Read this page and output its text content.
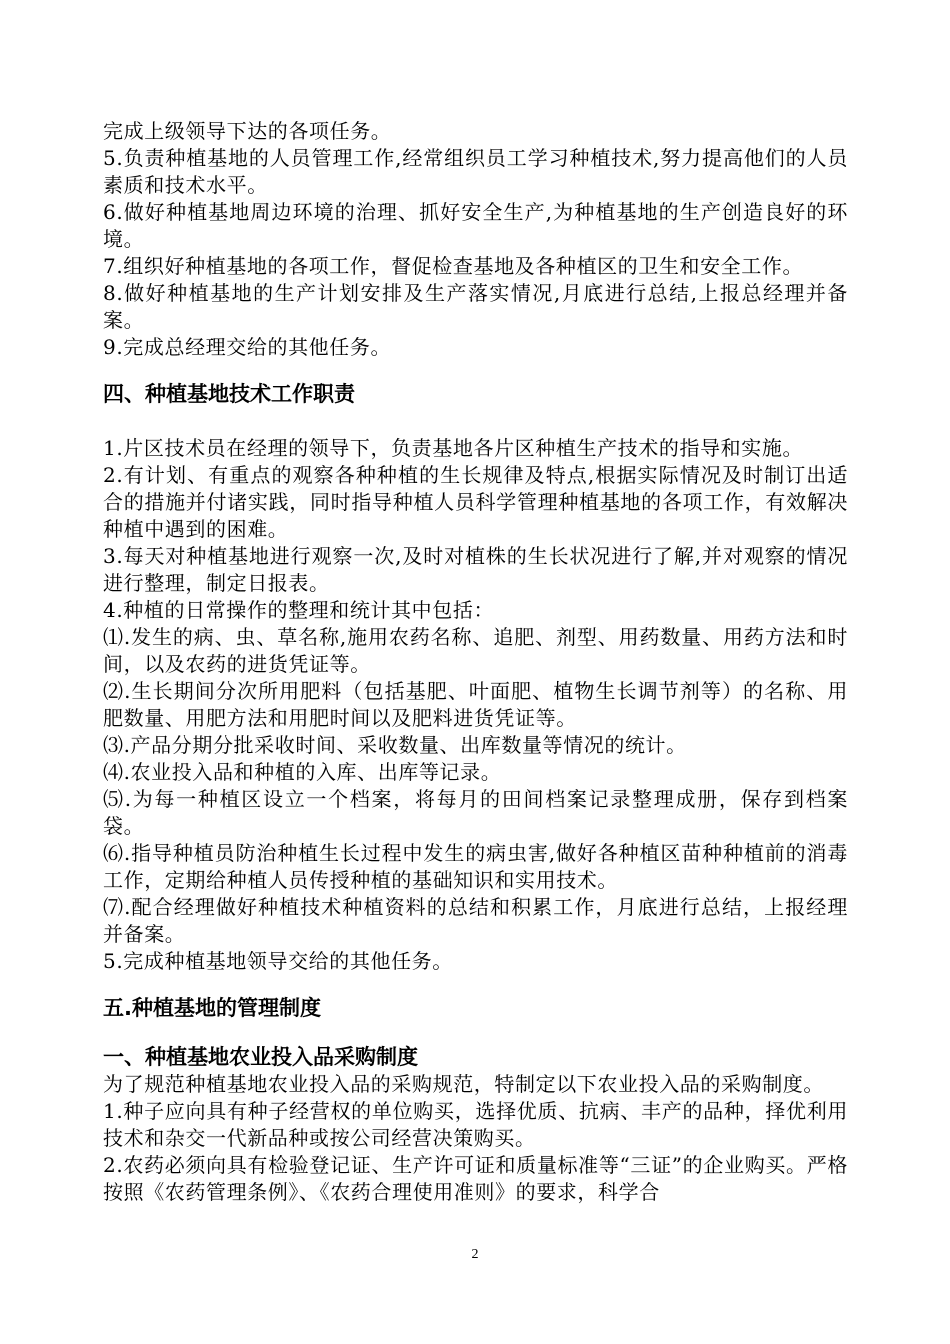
完成上级领导下达的各项任务。

5.负责种植基地的人员管理工作,经常组织员工学习种植技术,努力提高他们的人员素质和技术水平。

6.做好种植基地周边环境的治理、抓好安全生产,为种植基地的生产创造良好的环境。

7.组织好种植基地的各项工作，督促检查基地及各种植区的卫生和安全工作。

8.做好种植基地的生产计划安排及生产落实情况,月底进行总结,上报总经理并备案。

9.完成总经理交给的其他任务。

四、种植基地技术工作职责

1.片区技术员在经理的领导下，负责基地各片区种植生产技术的指导和实施。

2.有计划、有重点的观察各种种植的生长规律及特点,根据实际情况及时制订出适合的措施并付诸实践，同时指导种植人员科学管理种植基地的各项工作，有效解决种植中遇到的困难。

3.每天对种植基地进行观察一次,及时对植株的生长状况进行了解,并对观察的情况进行整理，制定日报表。

4.种植的日常操作的整理和统计其中包括：

⑴.发生的病、虫、草名称,施用农药名称、追肥、剂型、用药数量、用药方法和时间，以及农药的进货凭证等。

⑵.生长期间分次所用肥料（包括基肥、叶面肥、植物生长调节剂等）的名称、用肥数量、用肥方法和用肥时间以及肥料进货凭证等。

⑶.产品分期分批采收时间、采收数量、出库数量等情况的统计。

⑷.农业投入品和种植的入库、出库等记录。

⑸.为每一种植区设立一个档案，将每月的田间档案记录整理成册，保存到档案袋。

⑹.指导种植员防治种植生长过程中发生的病虫害,做好各种植区苗种种植前的消毒工作，定期给种植人员传授种植的基础知识和实用技术。

⑺.配合经理做好种植技术种植资料的总结和积累工作，月底进行总结，上报经理并备案。

5.完成种植基地领导交给的其他任务。

五.种植基地的管理制度
一、种植基地农业投入品采购制度

为了规范种植基地农业投入品的采购规范，特制定以下农业投入品的采购制度。

1.种子应向具有种子经营权的单位购买，选择优质、抗病、丰产的品种，择优利用技术和杂交一代新品种或按公司经营决策购买。

2.农药必须向具有检验登记证、生产许可证和质量标准等“三证”的企业购买。严格按照《农药管理条例》、《农药合理使用准则》的要求，科学合

2
